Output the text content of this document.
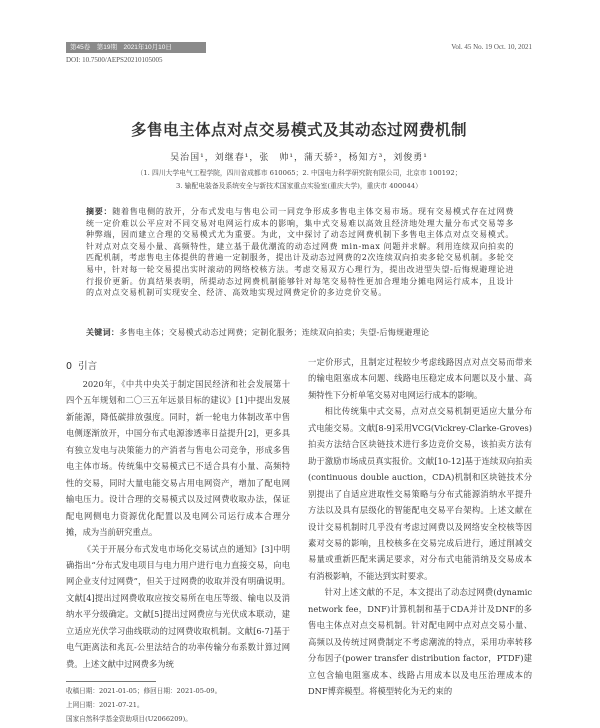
第45卷　第19期　2021年10月10日	Vol. 45 No. 19 Oct. 10, 2021
DOI: 10.7500/AEPS20210105005
多售电主体点对点交易模式及其动态过网费机制
吴治国¹，刘继春¹，张　帅¹，蒲天骄²，杨知方³，刘俊勇¹
（1. 四川大学电气工程学院，四川省成都市 610065；2. 中国电力科学研究院有限公司，北京市 100192；
3. 输配电装备及系统安全与新技术国家重点实验室(重庆大学)，重庆市 400044）
摘要：随着售电侧的放开，分布式发电与售电公司一同竞争形成多售电主体交易市场。现有交易模式存在过网费统一定价难以公平应对不同交易对电网运行成本的影响，集中式交易难以高效且经济地处理大量分布式交易等多种弊端，因而建立合理的交易模式尤为重要。为此，文中探讨了动态过网费机制下多售电主体点对点交易模式。针对点对点交易小量、高频特性，建立基于最优潮流的动态过网费 min-max 问题并求解。利用连续双向拍卖的匹配机制，考虑售电主体提供的普遍一定制服务，提出计及动态过网费的2次连续双向拍卖多轮交易机制。多轮交易中，针对每一轮交易提出实时滚动的网络校核方法。考虑交易双方心理行为，提出改进型失望-后悔规避理论进行报价更新。仿真结果表明，所提动态过网费机制能够针对每笔交易特性更加合理地分摊电网运行成本，且设计的点对点交易机制可实现安全、经济、高效地实现过网费定价的多边竞价交易。
关键词：多售电主体；交易模式动态过网费；定制化服务；连续双向拍卖；失望-后悔规避理论
0 引言

2020年，《中共中央关于制定国民经济和社会发展第十四个五年规划和二〇三五年远景目标的建议》[1]中提出发展新能源，降低碳排放强度。同时，新一轮电力体制改革中售电侧逐渐放开，中国分布式电源渗透率日益提升[2]，更多具有独立发电与决策能力的产消者与售电公司竞争，形成多售电主体市场。传统集中交易模式已不适合具有小量、高频特性的交易，同时大量电能交易占用电网资产，增加了配电网输电压力。设计合理的交易模式以及过网费收取办法，保证配电网侧电力资源优化配置以及电网公司运行成本合理分摊，成为当前研究重点。

《关于开展分布式发电市场化交易试点的通知》[3]中明确指出“分布式发电项目与电力用户进行电力直接交易，向电网企业支付过网费”，但关于过网费的收取并没有明确说明。文献[4]提出过网费收取应按交易所在电压等级、输电以及消纳水平分级确定。文献[5]提出过网费应与光伏成本联动，建立适应光伏学习曲线联动的过网费收取机制。文献[6-7]基于电气距离法和兆瓦-公里法结合的功率传输分布系数计算过网费。上述文献中过网费多为统

一定价形式，且制定过程较少考虑线路因点对点交易而带来的输电阻塞成本问题、线路电压稳定成本问题以及小量、高频特性下分析单笔交易对电网运行成本的影响。

相比传统集中式交易，点对点交易机制更适应大量分布式电能交易。文献[8-9]采用VCG(Vickrey-Clarke-Groves)拍卖方法结合区块链技术进行多边竞价交易，该拍卖方法有助于激励市场成员真实报价。文献[10-12]基于连续双向拍卖(continuous double auction，CDA)机制和区块链技术分别提出了自适应进取性交易策略与分布式能源消纳水平提升方法以及具有层级化的智能配电交易平台架构。上述文献在设计交易机制时几乎没有考虑过网费以及网络安全校核等因素对交易的影响，且校核多在交易完成后进行，通过削减交易量或重新匹配来满足要求，对分布式电能消纳及交易成本有消极影响，不能达到实时要求。

针对上述文献的不足，本文提出了动态过网费(dynamic network fee，DNF)计算机制和基于CDA并计及DNF的多售电主体点对点交易机制。针对配电网中点对点交易小量、高频以及传统过网费制定不考虑潮流的特点，采用功率转移分布因子(power transfer distribution factor，PTDF)建立包含输电阻塞成本、线路占用成本以及电压治理成本的DNF博弈模型。将模型转化为无约束的

收稿日期：2021-01-05；修回日期：2021-05-09。
上网日期：2021-07-21。
国家自然科学基金资助项目(U2066209)。
